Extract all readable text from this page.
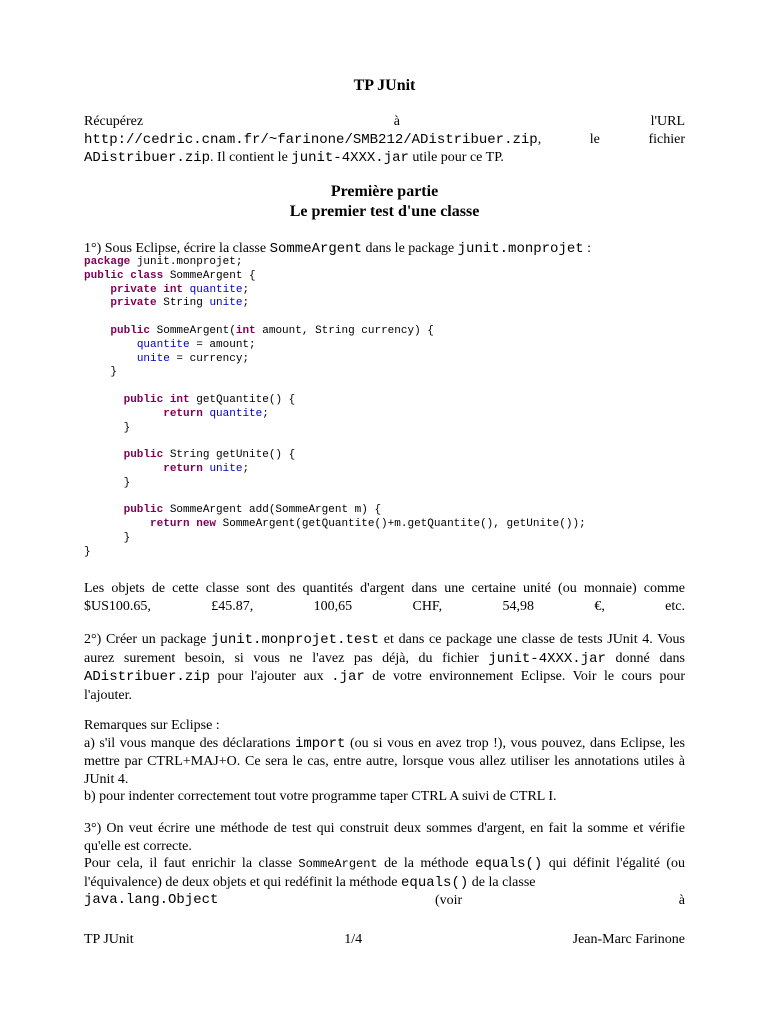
TP JUnit
Récupérez	à	l'URL
http://cedric.cnam.fr/~farinone/SMB212/ADistribuer.zip,	le	fichier
ADistribuer.zip. Il contient le junit-4XXX.jar utile pour ce TP.
Première partie
Le premier test d'une classe
1°) Sous Eclipse, écrire la classe SommeArgent dans le package junit.monprojet :
package junit.monprojet;
public class SommeArgent {
private int quantite;
private String unite;

public SommeArgent(int amount, String currency) {
quantite = amount;
unite = currency;
}

public int getQuantite() {
return quantite;
}

public String getUnite() {
return unite;
}

public SommeArgent add(SommeArgent m) {
return new SommeArgent(getQuantite()+m.getQuantite(), getUnite());
}
}
Les objets de cette classe sont des quantités d'argent dans une certaine unité (ou monnaie) comme $US100.65, £45.87, 100,65 CHF, 54,98 €, etc.
2°) Créer un package junit.monprojet.test et dans ce package une classe de tests JUnit 4. Vous aurez surement besoin, si vous ne l'avez pas déjà, du fichier junit-4XXX.jar donné dans ADistribuer.zip pour l'ajouter aux .jar de votre environnement Eclipse. Voir le cours pour l'ajouter.
Remarques sur Eclipse :
a) s'il vous manque des déclarations import (ou si vous en avez trop !), vous pouvez, dans Eclipse, les mettre par CTRL+MAJ+O. Ce sera le cas, entre autre, lorsque vous allez utiliser les annotations utiles à JUnit 4.
b) pour indenter correctement tout votre programme taper CTRL A suivi de CTRL I.
3°) On veut écrire une méthode de test qui construit deux sommes d'argent, en fait la somme et vérifie qu'elle est correcte.
Pour cela, il faut enrichir la classe SommeArgent de la méthode equals() qui définit l'égalité (ou l'équivalence) de deux objets et qui redéfinit la méthode equals() de la classe
java.lang.Object	(voir	à
TP JUnit	1/4	Jean-Marc Farinone
